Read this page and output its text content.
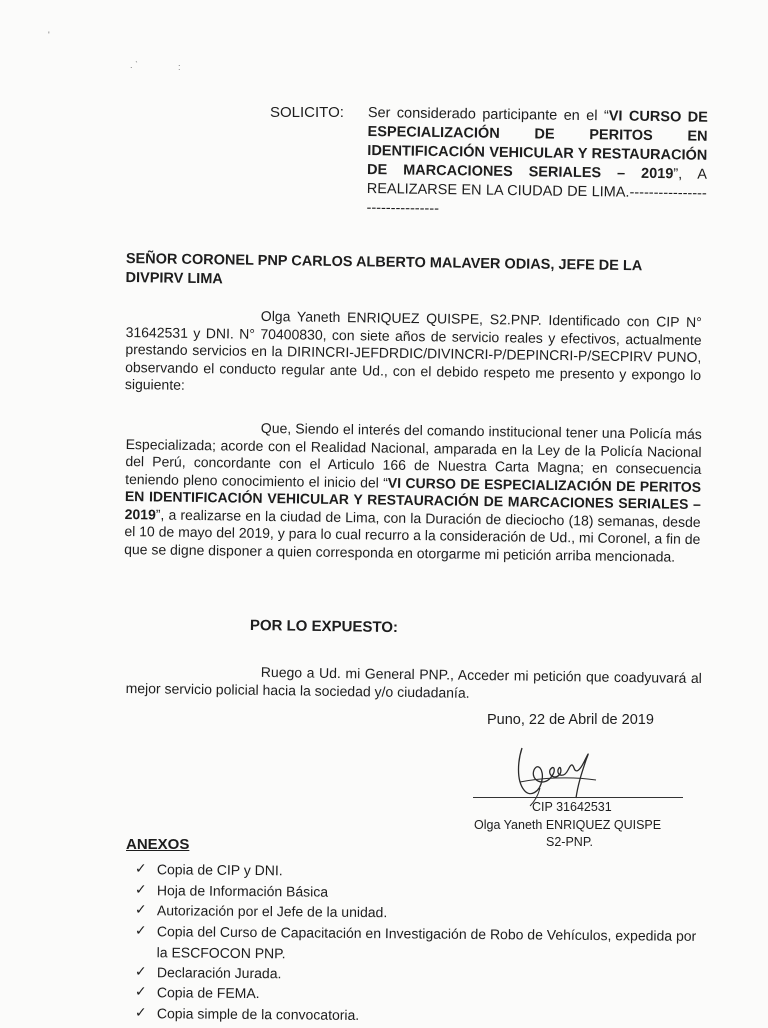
'
. ˋ	:
SOLICITO: Ser considerado participante en el “VI CURSO DE ESPECIALIZACIÓN DE PERITOS EN IDENTIFICACIÓN VEHICULAR Y RESTAURACIÓN DE MARCACIONES SERIALES – 2019”, A REALIZARSE EN LA CIUDAD DE LIMA.-------------------------------
SEÑOR CORONEL PNP CARLOS ALBERTO MALAVER ODIAS, JEFE DE LA DIVPIRV LIMA
Olga Yaneth ENRIQUEZ QUISPE, S2.PNP. Identificado con CIP N° 31642531 y DNI. N° 70400830, con siete años de servicio reales y efectivos, actualmente prestando servicios en la DIRINCRI-JEFDRDIC/DIVINCRI-P/DEPINCRI-P/SECPIRV PUNO, observando el conducto regular ante Ud., con el debido respeto me presento y expongo lo siguiente:
Que, Siendo el interés del comando institucional tener una Policía más Especializada; acorde con el Realidad Nacional, amparada en la Ley de la Policía Nacional del Perú, concordante con el Articulo 166 de Nuestra Carta Magna; en consecuencia teniendo pleno conocimiento el inicio del “VI CURSO DE ESPECIALIZACIÓN DE PERITOS EN IDENTIFICACIÓN VEHICULAR Y RESTAURACIÓN DE MARCACIONES SERIALES – 2019”, a realizarse en la ciudad de Lima, con la Duración de dieciocho (18) semanas, desde el 10 de mayo del 2019, y para lo cual recurro a la consideración de Ud., mi Coronel, a fin de que se digne disponer a quien corresponda en otorgarme mi petición arriba mencionada.
POR LO EXPUESTO:
Ruego a Ud. mi General PNP., Acceder mi petición que coadyuvará al mejor servicio policial hacia la sociedad y/o ciudadanía.
Puno, 22 de Abril de 2019
CIP 31642531
Olga Yaneth ENRIQUEZ QUISPE
S2-PNP.
ANEXOS
✓ Copia de CIP y DNI.
✓ Hoja de Información Básica
✓ Autorización por el Jefe de la unidad.
✓ Copia del Curso de Capacitación en Investigación de Robo de Vehículos, expedida por la ESCFOCON PNP.
✓ Declaración Jurada.
✓ Copia de FEMA.
✓ Copia simple de la convocatoria.
